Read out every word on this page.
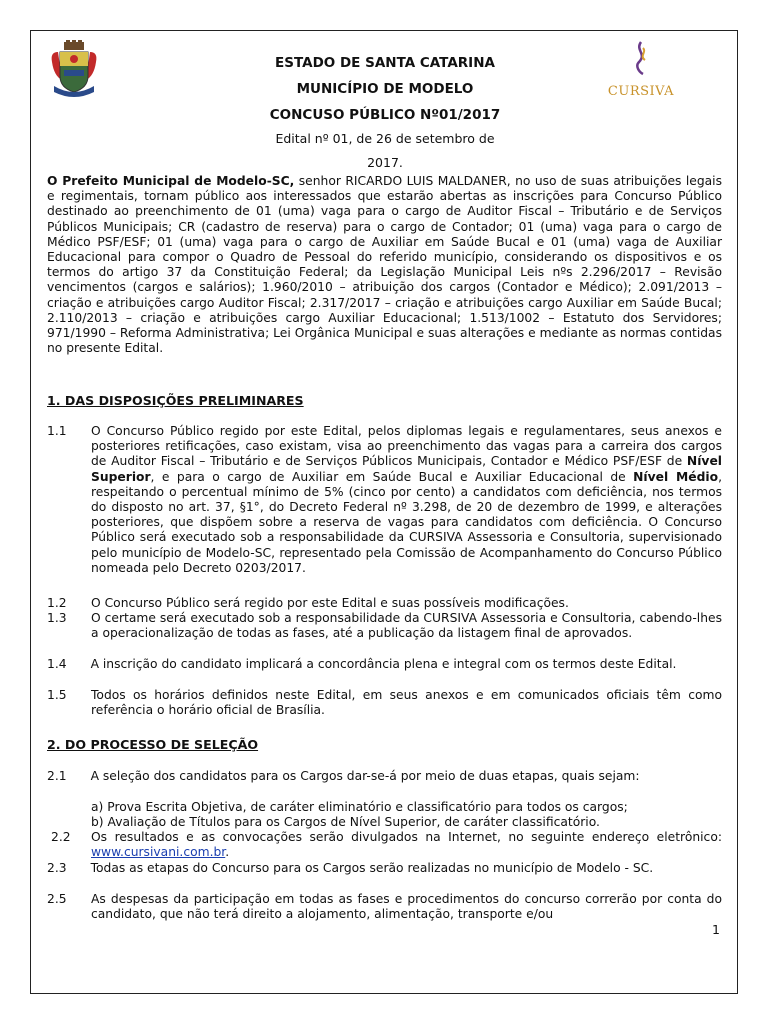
CURSIVA
ESTADO DE SANTA CATARINA
MUNICÍPIO DE MODELO
CONCUSO PÚBLICO Nº01/2017
Edital nº 01, de 26 de setembro de
2017.
O Prefeito Municipal de Modelo-SC, senhor RICARDO LUIS MALDANER, no uso de suas atribuições legais e regimentais, tornam público aos interessados que estarão abertas as inscrições para Concurso Público destinado ao preenchimento de 01 (uma) vaga para o cargo de Auditor Fiscal – Tributário e de Serviços Públicos Municipais; CR (cadastro de reserva) para o cargo de Contador; 01 (uma) vaga para o cargo de Médico PSF/ESF; 01 (uma) vaga para o cargo de Auxiliar em Saúde Bucal e 01 (uma) vaga de Auxiliar Educacional para compor o Quadro de Pessoal do referido município, considerando os dispositivos e os termos do artigo 37 da Constituição Federal; da Legislação Municipal Leis nºs 2.296/2017 – Revisão vencimentos (cargos e salários); 1.960/2010 – atribuição dos cargos (Contador e Médico); 2.091/2013 – criação e atribuições cargo Auditor Fiscal; 2.317/2017 – criação e atribuições cargo Auxiliar em Saúde Bucal; 2.110/2013 – criação e atribuições cargo Auxiliar Educacional; 1.513/1002 – Estatuto dos Servidores; 971/1990 – Reforma Administrativa; Lei Orgânica Municipal e suas alterações e mediante as normas contidas no presente Edital.
1. DAS DISPOSIÇÕES PRELIMINARES
1.1 O Concurso Público regido por este Edital, pelos diplomas legais e regulamentares, seus anexos e posteriores retificações, caso existam, visa ao preenchimento das vagas para a carreira dos cargos de Auditor Fiscal – Tributário e de Serviços Públicos Municipais, Contador e Médico PSF/ESF de Nível Superior, e para o cargo de Auxiliar em Saúde Bucal e Auxiliar Educacional de Nível Médio, respeitando o percentual mínimo de 5% (cinco por cento) a candidatos com deficiência, nos termos do disposto no art. 37, §1°, do Decreto Federal nº 3.298, de 20 de dezembro de 1999, e alterações posteriores, que dispõem sobre a reserva de vagas para candidatos com deficiência. O Concurso Público será executado sob a responsabilidade da CURSIVA Assessoria e Consultoria, supervisionado pelo município de Modelo-SC, representado pela Comissão de Acompanhamento do Concurso Público nomeada pelo Decreto 0203/2017.
1.2 O Concurso Público será regido por este Edital e suas possíveis modificações.
1.3 O certame será executado sob a responsabilidade da CURSIVA Assessoria e Consultoria, cabendo-lhes a operacionalização de todas as fases, até a publicação da listagem final de aprovados.
1.4 A inscrição do candidato implicará a concordância plena e integral com os termos deste Edital.
1.5 Todos os horários definidos neste Edital, em seus anexos e em comunicados oficiais têm como referência o horário oficial de Brasília.
2. DO PROCESSO DE SELEÇÃO
2.1 A seleção dos candidatos para os Cargos dar-se-á por meio de duas etapas, quais sejam:
a) Prova Escrita Objetiva, de caráter eliminatório e classificatório para todos os cargos;
b) Avaliação de Títulos para os Cargos de Nível Superior, de caráter classificatório.
2.2 Os resultados e as convocações serão divulgados na Internet, no seguinte endereço eletrônico: www.cursivani.com.br.
2.3 Todas as etapas do Concurso para os Cargos serão realizadas no município de Modelo - SC.
2.5 As despesas da participação em todas as fases e procedimentos do concurso correrão por conta do candidato, que não terá direito a alojamento, alimentação, transporte e/ou
1
